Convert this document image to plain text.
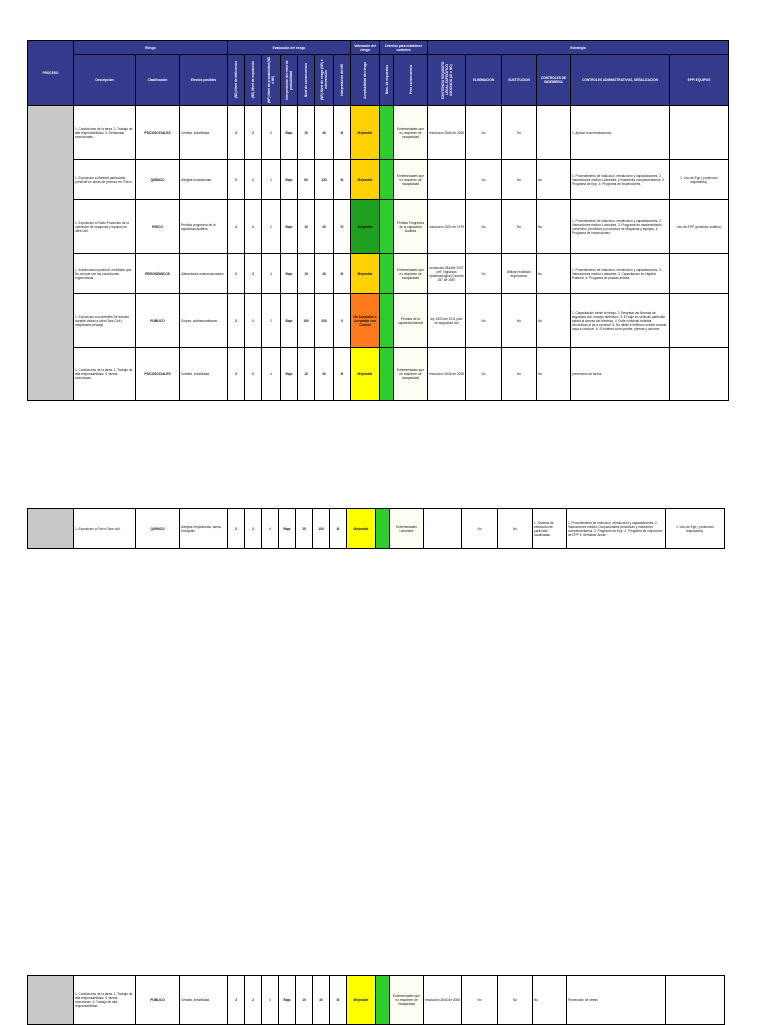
PROCESO	Riesgo			Evaluación del riesgo							Valoración del riesgo	Criterios para establecer controles		Estrategia					
	Descripción	Clasificación	Efectos posibles	(ND) Nivel de deficiencia	(NE) Nivel de exposición	(NP) Nivel de probabilidad (ND x NE)	Interpretación del nivel de probabilidad	Nivel de consecuencia	(NR) Nivel de riesgo (NR) e intervención	Interpretación del NR	Aceptabilidad del riesgo	Núm. de expuestos	Peor consecuencia	EXISTENCIA REQUISITO LEGAL ESPECIFICO ASOCIADO (SI o NO)	ELIMINACION	SUSTITUCION	CONTROLES DE INGENIERIA	CONTROLES ADMINISTRATIVOS, SEÑALIZACION	EPP/ EQUIPOS
	1. Condiciones de la tarea. 2. Trabajo de alta responsabilidad. 3. Demandas emocionales.	PSICOSOCIALES	Cefalea, irritabilidad.	2	2	4	Bajo	10	40	III	Mejorable		Enfermedades que no requieren de incapacidad	resolucion 2646 de 2008	No	No		1. Aplicar recomendaciones.	
	1. Exposicion a Material particulado presente en areas de proceso en: Polvo.	QUIMICO	Alergias respiratorias.	2	1	2	Bajo	60	120	III	Mejorable		Enfermedades que no requieren de incapacidad		No	No	No	1. Procedimiento de induccion, reinduccion y capacitaciones. 2. Valoraciones medico Laborales, y examenes complementarios. 3. Programa de Epp. 4. Programa de Inspecciones.	1. Uso de Epp ( proteccion respiratoria).
	1. Exposicion a Ruido Producido de la operación de maquinas y equipos de obra civil.	FISICO	Perdida progresiva de la capacidad Auditiva	2	1	2	Bajo	10	20	IV	Aceptable		Perdida Progresiva de la capacidad Auditiva	resolucion 2400 de 1979	No	No	No	1. Procedimiento de induccion, reinduccion y capacitaciones. 2. Valoraciones medico Laborales. 3. Programa de mantenimiento preventivo, predictivo y productivo de Maquinas y equipos. 4. Programa de Inspecciones.	Uso de EPP (protector auditivo)
	1. Inadecuacion postural, mobiliario que No cumple con las condiciones ergonomicas	ERGONÓMICOS	Alteraciones osteomusculares	2	2	4	Bajo	10	40	III	Mejorable		Enfermedades que no requieren de incapacidad	resolucion 2844de 2007 (ref: Vigilancia epidemiologica) Decreto 287 de 1987	No	Utilizar mobiliario ergonomico	No	1. Procedimiento de induccion, reinduccion y capacitaciones. 2. Valoraciones medico Laborales. 3. Capacitacion en Higiene Postural. 4. Programa de pausas activas.	
	1. Exposicion a accidentes De transito durante visitas a obra Obra Civil ( maquinaria pesada)	PUBLICO	Golpes, politraumatismos.	2	1	2	Bajo	100	200	II	No Aceptable o Aceptable con Control		Perdida de la capacidad laboral	ley 1503 del 2011 plan de seguridad vial	No	No	No	1. Capacitacion frente al riesgo. 2. Respetar las Normas de seguridad vial, manejo defensivo. 3. El viaje en vehiculo particular estará al acceso del electrico. 4. Evite consumir bebidas alcoholicas si va a conducir. 5. No utilice el teléfono celular cuando vaya a conducir. 6. Si hubiera como perder, piernas y alcorme	
	1. Condiciones de la tarea. 2. Trabajo de alta responsabilidad. 3. tareas monotonas.	PSICOSOCIALES	Cefalea, irritabilidad.	2	2	4	Bajo	10	40	III	Mejorable		Enfermedades que no requieren de incapacidad	resolucion 2646 de 2008	No	No	No	prevención de stress	
	1. Exposicion a Polvo Obra civil.	QUIMICO	Alergias respiratorias, asma, bronquitis.	2	2	4	Bajo	25	100	III	Mejorable		Enfermedades Laborales		No	No	1. Sistema de extraccion de particulas localizadas.	1. Procedimiento de induccion, reinduccion y capacitaciones. 2. Valoraciones medico Ocupacionales periodicas y examenes complementarios. 3. Programa de Epp. 4. Programa de Inspección de EPP 5. Señalizar Áreas	1. Uso de Epp ( proteccion respiratoria).
	1. Condiciones de la tarea. 2. Trabajo de alta responsabilidad. 3. tareas monotonas. 4. Trabajo de alta responsabilidad.	PUBLICO	Cefalea, irritabilidad.	2	2	4	Bajo	10	40	III	Mejorable		Enfermedades que no requieren de incapacidad	resolucion 2646 de 2008	No	No	No	Prevención de stress	
